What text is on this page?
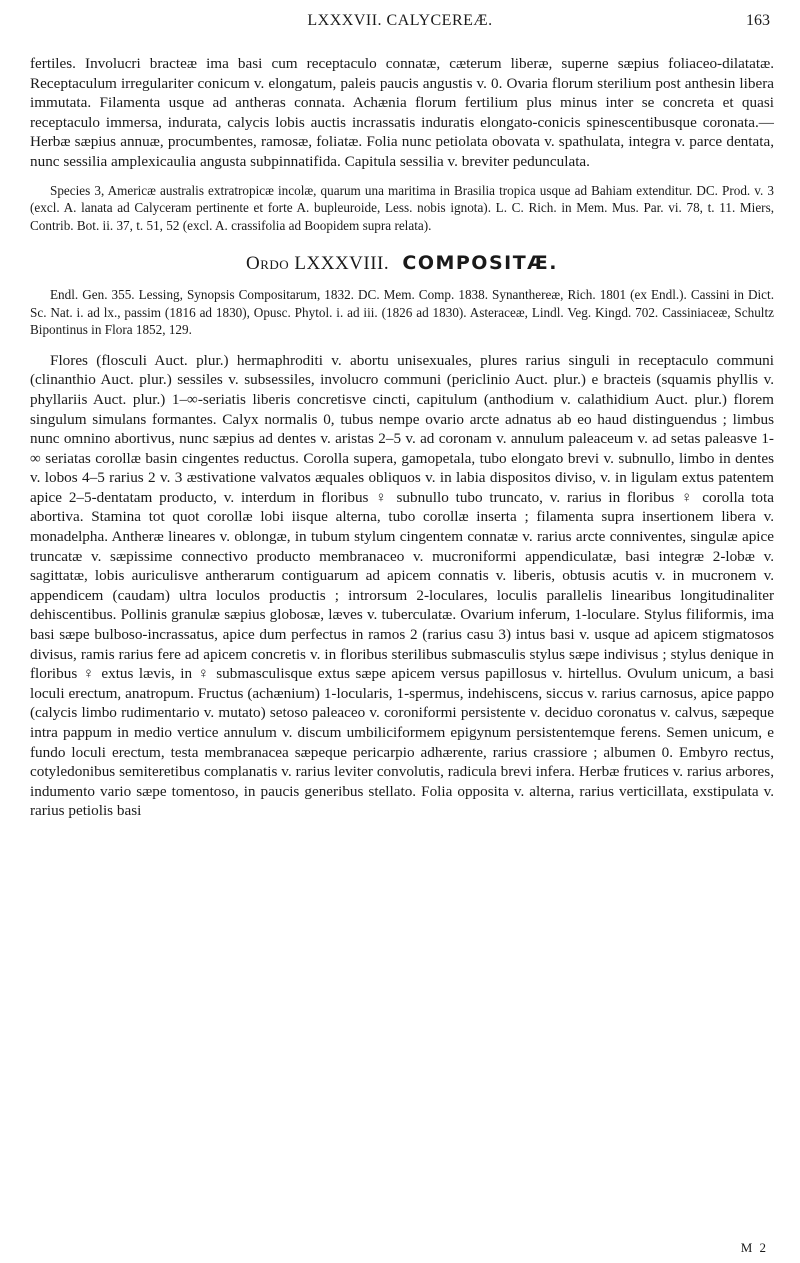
LXXXVII. CALYCEREÆ.	163

fertiles. Involucri bracteæ ima basi cum receptaculo connatæ, cæterum liberæ, superne sæpius foliaceo-dilatatæ. Receptaculum irregulariter conicum v. elongatum, paleis paucis angustis v. 0. Ovaria florum sterilium post anthesin libera immutata. Filamenta usque ad antheras connata. Achænia florum fertilium plus minus inter se concreta et quasi receptaculo immersa, indurata, calycis lobis auctis incrassatis induratis elongato-conicis spinescentibusque coronata.—Herbæ sæpius annuæ, procumbentes, ramosæ, foliatæ. Folia nunc petiolata obovata v. spathulata, integra v. parce dentata, nunc sessilia amplexicaulia angusta subpinnatifida. Capitula sessilia v. breviter pedunculata.

Species 3, Americæ australis extratropicæ incolæ, quarum una maritima in Brasilia tropica usque ad Bahiam extenditur. DC. Prod. v. 3 (excl. A. lanata ad Calyceram pertinente et forte A. bupleuroide, Less. nobis ignota). L. C. Rich. in Mem. Mus. Par. vi. 78, t. 11. Miers, Contrib. Bot. ii. 37, t. 51, 52 (excl. A. crassifolia ad Boopidem supra relata).

Ordo LXXXVIII. COMPOSITÆ.

Endl. Gen. 355. Lessing, Synopsis Compositarum, 1832. DC. Mem. Comp. 1838. Synanthereæ, Rich. 1801 (ex Endl.). Cassini in Dict. Sc. Nat. i. ad lx., passim (1816 ad 1830), Opusc. Phytol. i. ad iii. (1826 ad 1830). Asteraceæ, Lindl. Veg. Kingd. 702. Cassiniaceæ, Schultz Bipontinus in Flora 1852, 129.

Flores (flosculi Auct. plur.) hermaphroditi v. abortu unisexuales, plures rarius singuli in receptaculo communi (clinanthio Auct. plur.) sessiles v. subsessiles, involucro communi (periclinio Auct. plur.) e bracteis (squamis phyllis v. phyllariis Auct. plur.) 1–∞-seriatis liberis concretisve cincti, capitulum (anthodium v. calathidium Auct. plur.) florem singulum simulans formantes. Calyx normalis 0, tubus nempe ovario arcte adnatus ab eo haud distinguendus ; limbus nunc omnino abortivus, nunc sæpius ad dentes v. aristas 2–5 v. ad coronam v. annulum paleaceum v. ad setas paleasve 1-∞ seriatas corollæ basin cingentes reductus. Corolla supera, gamopetala, tubo elongato brevi v. subnullo, limbo in dentes v. lobos 4–5 rarius 2 v. 3 æstivatione valvatos æquales obliquos v. in labia dispositos diviso, v. in ligulam extus patentem apice 2–5-dentatam producto, v. interdum in floribus ♀ subnullo tubo truncato, v. rarius in floribus ♀ corolla tota abortiva. Stamina tot quot corollæ lobi iisque alterna, tubo corollæ inserta ; filamenta supra insertionem libera v. monadelpha. Antheræ lineares v. oblongæ, in tubum stylum cingentem connatæ v. rarius arcte conniventes, singulæ apice truncatæ v. sæpissime connectivo producto membranaceo v. mucroniformi appendiculatæ, basi integræ 2-lobæ v. sagittatæ, lobis auriculisve antherarum contiguarum ad apicem connatis v. liberis, obtusis acutis v. in mucronem v. appendicem (caudam) ultra loculos productis ; introrsum 2-loculares, loculis parallelis linearibus longitudinaliter dehiscentibus. Pollinis granulæ sæpius globosæ, læves v. tuberculatæ. Ovarium inferum, 1-loculare. Stylus filiformis, ima basi sæpe bulboso-incrassatus, apice dum perfectus in ramos 2 (rarius casu 3) intus basi v. usque ad apicem stigmatosos divisus, ramis rarius fere ad apicem concretis v. in floribus sterilibus submasculis stylus sæpe indivisus ; stylus denique in floribus ♀ extus lævis, in ♀ submasculisque extus sæpe apicem versus papillosus v. hirtellus. Ovulum unicum, a basi loculi erectum, anatropum. Fructus (achænium) 1-locularis, 1-spermus, indehiscens, siccus v. rarius carnosus, apice pappo (calycis limbo rudimentario v. mutato) setoso paleaceo v. coroniformi persistente v. deciduo coronatus v. calvus, sæpeque intra pappum in medio vertice annulum v. discum umbiliciformem epigynum persistentemque ferens. Semen unicum, e fundo loculi erectum, testa membranacea sæpeque pericarpio adhærente, rarius crassiore ; albumen 0. Embyro rectus, cotyledonibus semiteretibus complanatis v. rarius leviter convolutis, radicula brevi infera. Herbæ frutices v. rarius arbores, indumento vario sæpe tomentoso, in paucis generibus stellato. Folia opposita v. alterna, rarius verticillata, exstipulata v. rarius petiolis basi

M 2
